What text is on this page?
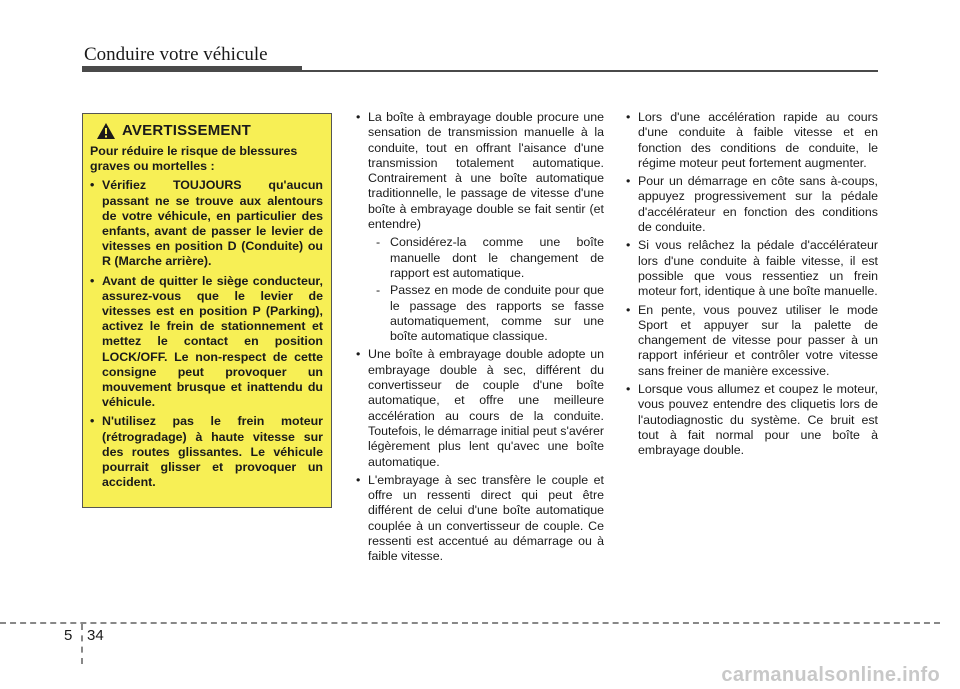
Conduire votre véhicule
AVERTISSEMENT
Pour réduire le risque de blessures graves ou mortelles :
• Vérifiez TOUJOURS qu'aucun passant ne se trouve aux alentours de votre véhicule, en particulier des enfants, avant de passer le levier de vitesses en position D (Conduite) ou R (Marche arrière).
• Avant de quitter le siège conducteur, assurez-vous que le levier de vitesses est en position P (Parking), activez le frein de stationnement et mettez le contact en position LOCK/OFF. Le non-respect de cette consigne peut provoquer un mouvement brusque et inattendu du véhicule.
• N'utilisez pas le frein moteur (rétrogradage) à haute vitesse sur des routes glissantes. Le véhicule pourrait glisser et provoquer un accident.
• La boîte à embrayage double procure une sensation de transmission manuelle à la conduite, tout en offrant l'aisance d'une transmission totalement automatique. Contrairement à une boîte automatique traditionnelle, le passage de vitesse d'une boîte à embrayage double se fait sentir (et entendre)
- Considérez-la comme une boîte manuelle dont le changement de rapport est automatique.
- Passez en mode de conduite pour que le passage des rapports se fasse automatiquement, comme sur une boîte automatique classique.
• Une boîte à embrayage double adopte un embrayage double à sec, différent du convertisseur de couple d'une boîte automatique, et offre une meilleure accélération au cours de la conduite. Toutefois, le démarrage initial peut s'avérer légèrement plus lent qu'avec une boîte automatique.
• L'embrayage à sec transfère le couple et offre un ressenti direct qui peut être différent de celui d'une boîte automatique couplée à un convertisseur de couple. Ce ressenti est accentué au démarrage ou à faible vitesse.
• Lors d'une accélération rapide au cours d'une conduite à faible vitesse et en fonction des conditions de conduite, le régime moteur peut fortement augmenter.
• Pour un démarrage en côte sans à-coups, appuyez progressivement sur la pédale d'accélérateur en fonction des conditions de conduite.
• Si vous relâchez la pédale d'accélérateur lors d'une conduite à faible vitesse, il est possible que vous ressentiez un frein moteur fort, identique à une boîte manuelle.
• En pente, vous pouvez utiliser le mode Sport et appuyer sur la palette de changement de vitesse pour passer à un rapport inférieur et contrôler votre vitesse sans freiner de manière excessive.
• Lorsque vous allumez et coupez le moteur, vous pouvez entendre des cliquetis lors de l'autodiagnostic du système. Ce bruit est tout à fait normal pour une boîte à embrayage double.
5 34
carmanualsonline.info
